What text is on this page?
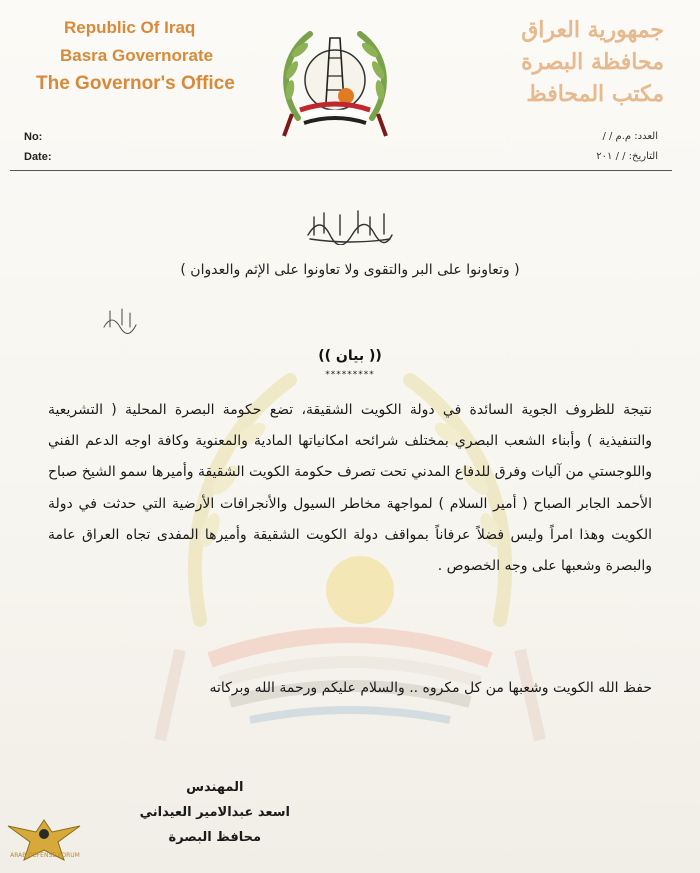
Republic Of Iraq
Basra Governorate
The Governor's Office
جمهورية العراق
محافظة البصرة
مكتب المحافظ
No:
Date:
العدد: م.م / /
التاريخ: / / ٢٠١
( وتعاونوا على البر والتقوى ولا تعاونوا على الإثم والعدوان )
(( بيان ))
*********
نتيجة للظروف الجوية السائدة في دولة الكويت الشقيقة، تضع حكومة البصرة المحلية ( التشريعية والتنفيذية ) وأبناء الشعب البصري بمختلف شرائحه امكانياتها المادية والمعنوية وكافة اوجه الدعم الفني واللوجستي من آليات وفرق للدفاع المدني تحت تصرف حكومة الكويت الشقيقة وأميرها سمو الشيخ صباح الأحمد الجابر الصباح ( أمير السلام ) لمواجهة مخاطر السيول والأنجرافات الأرضية التي حدثت في دولة الكويت وهذا امراً وليس فضلاً عرفاناً بمواقف دولة الكويت الشقيقة وأميرها المفدى تجاه العراق عامة والبصرة وشعبها على وجه الخصوص .
حفظ الله الكويت وشعبها من كل مكروه .. والسلام عليكم ورحمة الله وبركاته
المهندس
اسعد عبدالامير العيداني
محافظ البصرة
ARAB DEFENSE FORUM
